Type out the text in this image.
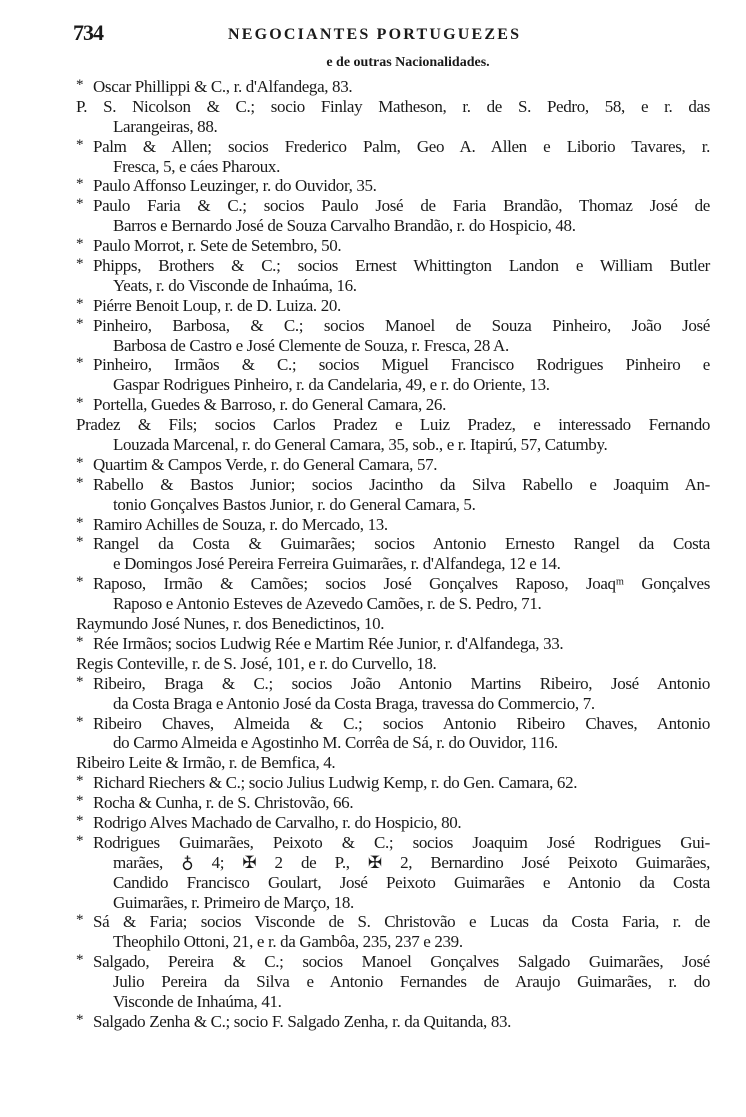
734	NEGOCIANTES PORTUGUEZES
e de outras Nacionalidades.
* Oscar Phillippi & C., r. d'Alfandega, 83.
P. S. Nicolson & C.; socio Finlay Matheson, r. de S. Pedro, 58, e r. das
Larangeiras, 88.
* Palm & Allen; socios Frederico Palm, Geo A. Allen e Liborio Tavares, r.
Fresca, 5, e cáes Pharoux.
* Paulo Affonso Leuzinger, r. do Ouvidor, 35.
* Paulo Faria & C.; socios Paulo José de Faria Brandão, Thomaz José de
Barros e Bernardo José de Souza Carvalho Brandão, r. do Hospicio, 48.
* Paulo Morrot, r. Sete de Setembro, 50.
* Phipps, Brothers & C.; socios Ernest Whittington Landon e William Butler
Yeats, r. do Visconde de Inhaúma, 16.
* Piérre Benoit Loup, r. de D. Luiza. 20.
* Pinheiro, Barbosa, & C.; socios Manoel de Souza Pinheiro, João José
Barbosa de Castro e José Clemente de Souza, r. Fresca, 28 A.
* Pinheiro, Irmãos & C.; socios Miguel Francisco Rodrigues Pinheiro e
Gaspar Rodrigues Pinheiro, r. da Candelaria, 49, e r. do Oriente, 13.
* Portella, Guedes & Barroso, r. do General Camara, 26.
Pradez & Fils; socios Carlos Pradez e Luiz Pradez, e interessado Fernando
Louzada Marcenal, r. do General Camara, 35, sob., e r. Itapirú, 57, Catumby.
* Quartim & Campos Verde, r. do General Camara, 57.
* Rabello & Bastos Junior; socios Jacintho da Silva Rabello e Joaquim An-
tonio Gonçalves Bastos Junior, r. do General Camara, 5.
* Ramiro Achilles de Souza, r. do Mercado, 13.
* Rangel da Costa & Guimarães; socios Antonio Ernesto Rangel da Costa
e Domingos José Pereira Ferreira Guimarães, r. d'Alfandega, 12 e 14.
* Raposo, Irmão & Camões; socios José Gonçalves Raposo, Joaqᵐ Gonçalves
Raposo e Antonio Esteves de Azevedo Camões, r. de S. Pedro, 71.
Raymundo José Nunes, r. dos Benedictinos, 10.
* Rée Irmãos; socios Ludwig Rée e Martim Rée Junior, r. d'Alfandega, 33.
Regis Conteville, r. de S. José, 101, e r. do Curvello, 18.
* Ribeiro, Braga & C.; socios João Antonio Martins Ribeiro, José Antonio
da Costa Braga e Antonio José da Costa Braga, travessa do Commercio, 7.
* Ribeiro Chaves, Almeida & C.; socios Antonio Ribeiro Chaves, Antonio
do Carmo Almeida e Agostinho M. Corrêa de Sá, r. do Ouvidor, 116.
Ribeiro Leite & Irmão, r. de Bemfica, 4.
* Richard Riechers & C.; socio Julius Ludwig Kemp, r. do Gen. Camara, 62.
* Rocha & Cunha, r. de S. Christovão, 66.
* Rodrigo Alves Machado de Carvalho, r. do Hospicio, 80.
* Rodrigues Guimarães, Peixoto & C.; socios Joaquim José Rodrigues Gui-
marães, ♁ 4; ✠ 2 de P., ✠ 2, Bernardino José Peixoto Guimarães,
Candido Francisco Goulart, José Peixoto Guimarães e Antonio da Costa
Guimarães, r. Primeiro de Março, 18.
* Sá & Faria; socios Visconde de S. Christovão e Lucas da Costa Faria, r. de
Theophilo Ottoni, 21, e r. da Gambôa, 235, 237 e 239.
* Salgado, Pereira & C.; socios Manoel Gonçalves Salgado Guimarães, José
Julio Pereira da Silva e Antonio Fernandes de Araujo Guimarães, r. do
Visconde de Inhaúma, 41.
* Salgado Zenha & C.; socio F. Salgado Zenha, r. da Quitanda, 83.
